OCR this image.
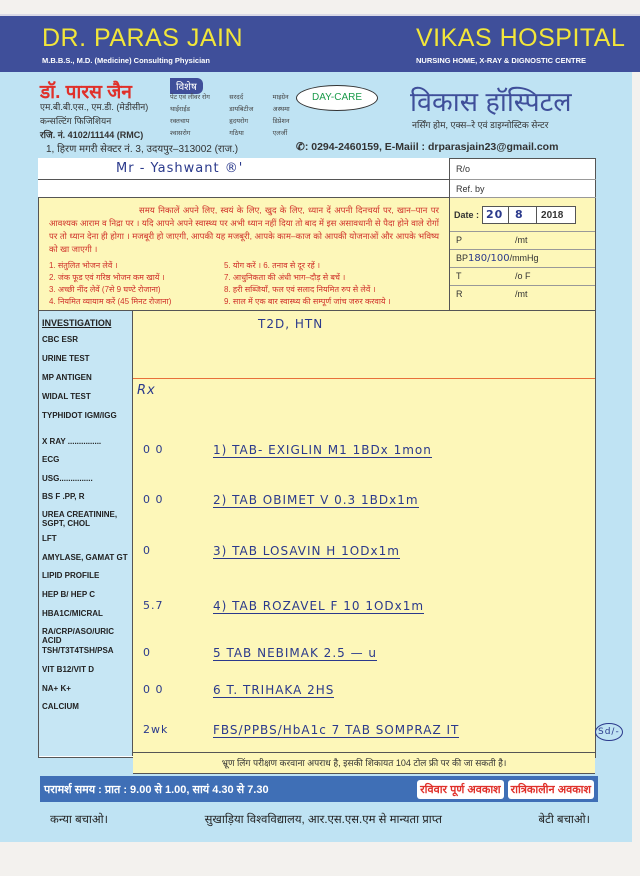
DR. PARAS JAIN
M.B.B.S., M.D. (Medicine) Consulting Physician
VIKAS HOSPITAL
NURSING HOME, X-RAY & DIGNOSTIC CENTRE
डॉ. पारस जैन
एम.बी.बी.एस., एम.डी. (मेडीसीन)
कन्सल्टिंग फिजिशियन
रजि. नं. 4102/11144 (RMC)
विशेष
पेट एवं लीवर रोग	सरदर्द	माइग्रेन
थाईराईड	डायबिटीज	अस्थमा
रक्तचाप	हृदयरोग	डिप्रेशन
श्वासरोग	गठिया	एलर्जी
DAY-CARE	विकास हॉस्पिटल
नर्सिंग होम, एक्स–रे एवं डाइग्नोस्टिक सेन्टर
1, हिरण मगरी सेक्टर नं. 3, उदयपुर–313002 (राज.)	✆: 0294-2460159, E-Maiil : drparasjain23@gmail.com
Mr - Yashwant ®'	R/o
Ref. by
समय निकालें अपने लिए, स्वयं के लिए, खुद के लिए, ध्यान दें अपनी दिनचर्या पर, खान–पान पर आवश्यक आराम व निद्रा पर । यदि आपने अपने स्वास्थ्य पर अभी ध्यान नहीं दिया तो बाद में इस असावधानी से पैदा होने वाले रोगों पर तो ध्यान देना ही होगा । मजबूरी हो जाएगी, आपकी यह मजबूरी, आपके काम–काज को आपकी योजनाओं और आपके भविष्य को खा जाएगी ।
1. संतुलित भोजन लेवें ।
2. जंक फूड एवं गरिष्ठ भोजन कम खायें ।
3. अच्छी नींद लेवें (7से 9 घण्टे रोजाना)
4. नियमित व्यायाम करें (45 मिनट रोजाना)
5. योग करें । 6. तनाव से दूर रहें ।
7. आधुनिकता की अंधी भाग–दौड़ से बचें ।
8. हरी सब्जियाँ, फल एवं सलाद नियमित रुप से लेवें ।
9. साल में एक बार स्वास्थ्य की सम्पूर्ण जांच जरुर करवाये ।
Date : 20	8	2018
P	/mt
BP180/100/mmHg
T	/o F
R	/mt
INVESTIGATION
CBC ESR
URINE TEST
MP ANTIGEN
WIDAL TEST
TYPHIDOT IGM/IGG
X RAY ...............
ECG
USG...............
BS F .PP, R
UREA CREATININE, SGPT, CHOL
LFT
AMYLASE, GAMAT GT
LIPID PROFILE
HEP B/ HEP C
HBA1C/MICRAL
RA/CRP/ASO/URIC ACID
TSH/T3T4TSH/PSA
VIT B12/VIT D
NA+ K+
CALCIUM
T2D, HTN
Rx
0 0	1) TAB- EXIGLIN M1 1BDx 1mon
0 0	2) TAB OBIMET V 0.3 1BDx1m
0	3) TAB LOSAVIN H 1ODx1m
5.7	4) TAB ROZAVEL F 10 1ODx1m
0	5 TAB NEBIMAK 2.5 — u
0 0	6 T. TRIHAKA 2HS
2wk	FBS/PPBS/HbA1c 7 TAB SOMPRAZ IT	Sd/-
भ्रूण लिंग परीक्षण करवाना अपराध है, इसकी शिकायत 104 टोल फ्री पर की जा सकती है।
परामर्श समय : प्रात : 9.00 से 1.00, सायं 4.30 से 7.30	रविवार पूर्ण अवकाश रात्रिकालीन अवकाश
कन्या बचाओ।	सुखाड़िया विश्वविद्यालय, आर.एस.एस.एम से मान्यता प्राप्त	बेटी बचाओ।
